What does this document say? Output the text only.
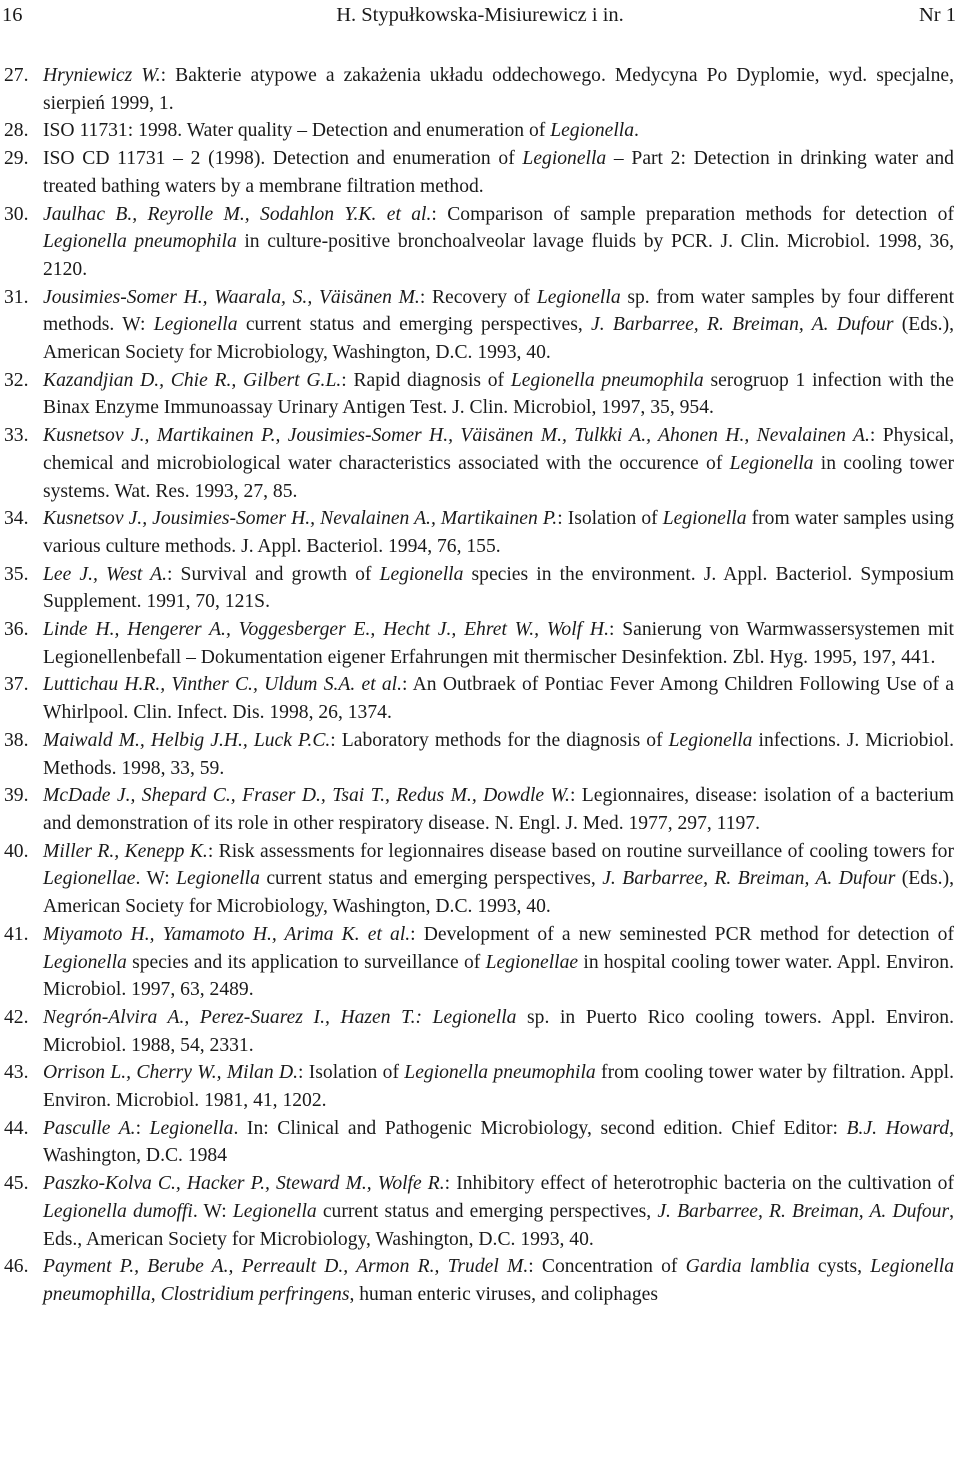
16	H. Stypułkowska-Misiurewicz i in.	Nr 1
27. Hryniewicz W.: Bakterie atypowe a zakażenia układu oddechowego. Medycyna Po Dyplomie, wyd. specjalne, sierpień 1999, 1.
28. ISO 11731: 1998. Water quality – Detection and enumeration of Legionella.
29. ISO CD 11731 – 2 (1998). Detection and enumeration of Legionella – Part 2: Detection in drinking water and treated bathing waters by a membrane filtration method.
30. Jaulhac B., Reyrolle M., Sodahlon Y.K. et al.: Comparison of sample preparation methods for detection of Legionella pneumophila in culture-positive bronchoalveolar lavage fluids by PCR. J. Clin. Microbiol. 1998, 36, 2120.
31. Jousimies-Somer H., Waarala, S., Väisänen M.: Recovery of Legionella sp. from water samples by four different methods. W: Legionella current status and emerging perspectives, J. Barbarree, R. Breiman, A. Dufour (Eds.), American Society for Microbiology, Washington, D.C. 1993, 40.
32. Kazandjian D., Chie R., Gilbert G.L.: Rapid diagnosis of Legionella pneumophila serogruop 1 infection with the Binax Enzyme Immunoassay Urinary Antigen Test. J. Clin. Microbiol, 1997, 35, 954.
33. Kusnetsov J., Martikainen P., Jousimies-Somer H., Väisänen M., Tulkki A., Ahonen H., Nevalainen A.: Physical, chemical and microbiological water characteristics associated with the occurence of Legionella in cooling tower systems. Wat. Res. 1993, 27, 85.
34. Kusnetsov J., Jousimies-Somer H., Nevalainen A., Martikainen P.: Isolation of Legionella from water samples using various culture methods. J. Appl. Bacteriol. 1994, 76, 155.
35. Lee J., West A.: Survival and growth of Legionella species in the environment. J. Appl. Bacteriol. Symposium Supplement. 1991, 70, 121S.
36. Linde H., Hengerer A., Voggesberger E., Hecht J., Ehret W., Wolf H.: Sanierung von Warmwassersystemen mit Legionellenbefall – Dokumentation eigener Erfahrungen mit thermischer Desinfektion. Zbl. Hyg. 1995, 197, 441.
37. Luttichau H.R., Vinther C., Uldum S.A. et al.: An Outbraek of Pontiac Fever Among Children Following Use of a Whirlpool. Clin. Infect. Dis. 1998, 26, 1374.
38. Maiwald M., Helbig J.H., Luck P.C.: Laboratory methods for the diagnosis of Legionella infections. J. Micriobiol. Methods. 1998, 33, 59.
39. McDade J., Shepard C., Fraser D., Tsai T., Redus M., Dowdle W.: Legionnaires, disease: isolation of a bacterium and demonstration of its role in other respiratory disease. N. Engl. J. Med. 1977, 297, 1197.
40. Miller R., Kenepp K.: Risk assessments for legionnaires disease based on routine surveillance of cooling towers for Legionellae. W: Legionella current status and emerging perspectives, J. Barbarree, R. Breiman, A. Dufour (Eds.), American Society for Microbiology, Washington, D.C. 1993, 40.
41. Miyamoto H., Yamamoto H., Arima K. et al.: Development of a new seminested PCR method for detection of Legionella species and its application to surveillance of Legionellae in hospital cooling tower water. Appl. Environ. Microbiol. 1997, 63, 2489.
42. Negrón-Alvira A., Perez-Suarez I., Hazen T.: Legionella sp. in Puerto Rico cooling towers. Appl. Environ. Microbiol. 1988, 54, 2331.
43. Orrison L., Cherry W., Milan D.: Isolation of Legionella pneumophila from cooling tower water by filtration. Appl. Environ. Microbiol. 1981, 41, 1202.
44. Pasculle A.: Legionella. In: Clinical and Pathogenic Microbiology, second edition. Chief Editor: B.J. Howard, Washington, D.C. 1984
45. Paszko-Kolva C., Hacker P., Steward M., Wolfe R.: Inhibitory effect of heterotrophic bacteria on the cultivation of Legionella dumoffi. W: Legionella current status and emerging perspectives, J. Barbarree, R. Breiman, A. Dufour, Eds., American Society for Microbiology, Washington, D.C. 1993, 40.
46. Payment P., Berube A., Perreault D., Armon R., Trudel M.: Concentration of Gardia lamblia cysts, Legionella pneumophilla, Clostridium perfringens, human enteric viruses, and coliphages
